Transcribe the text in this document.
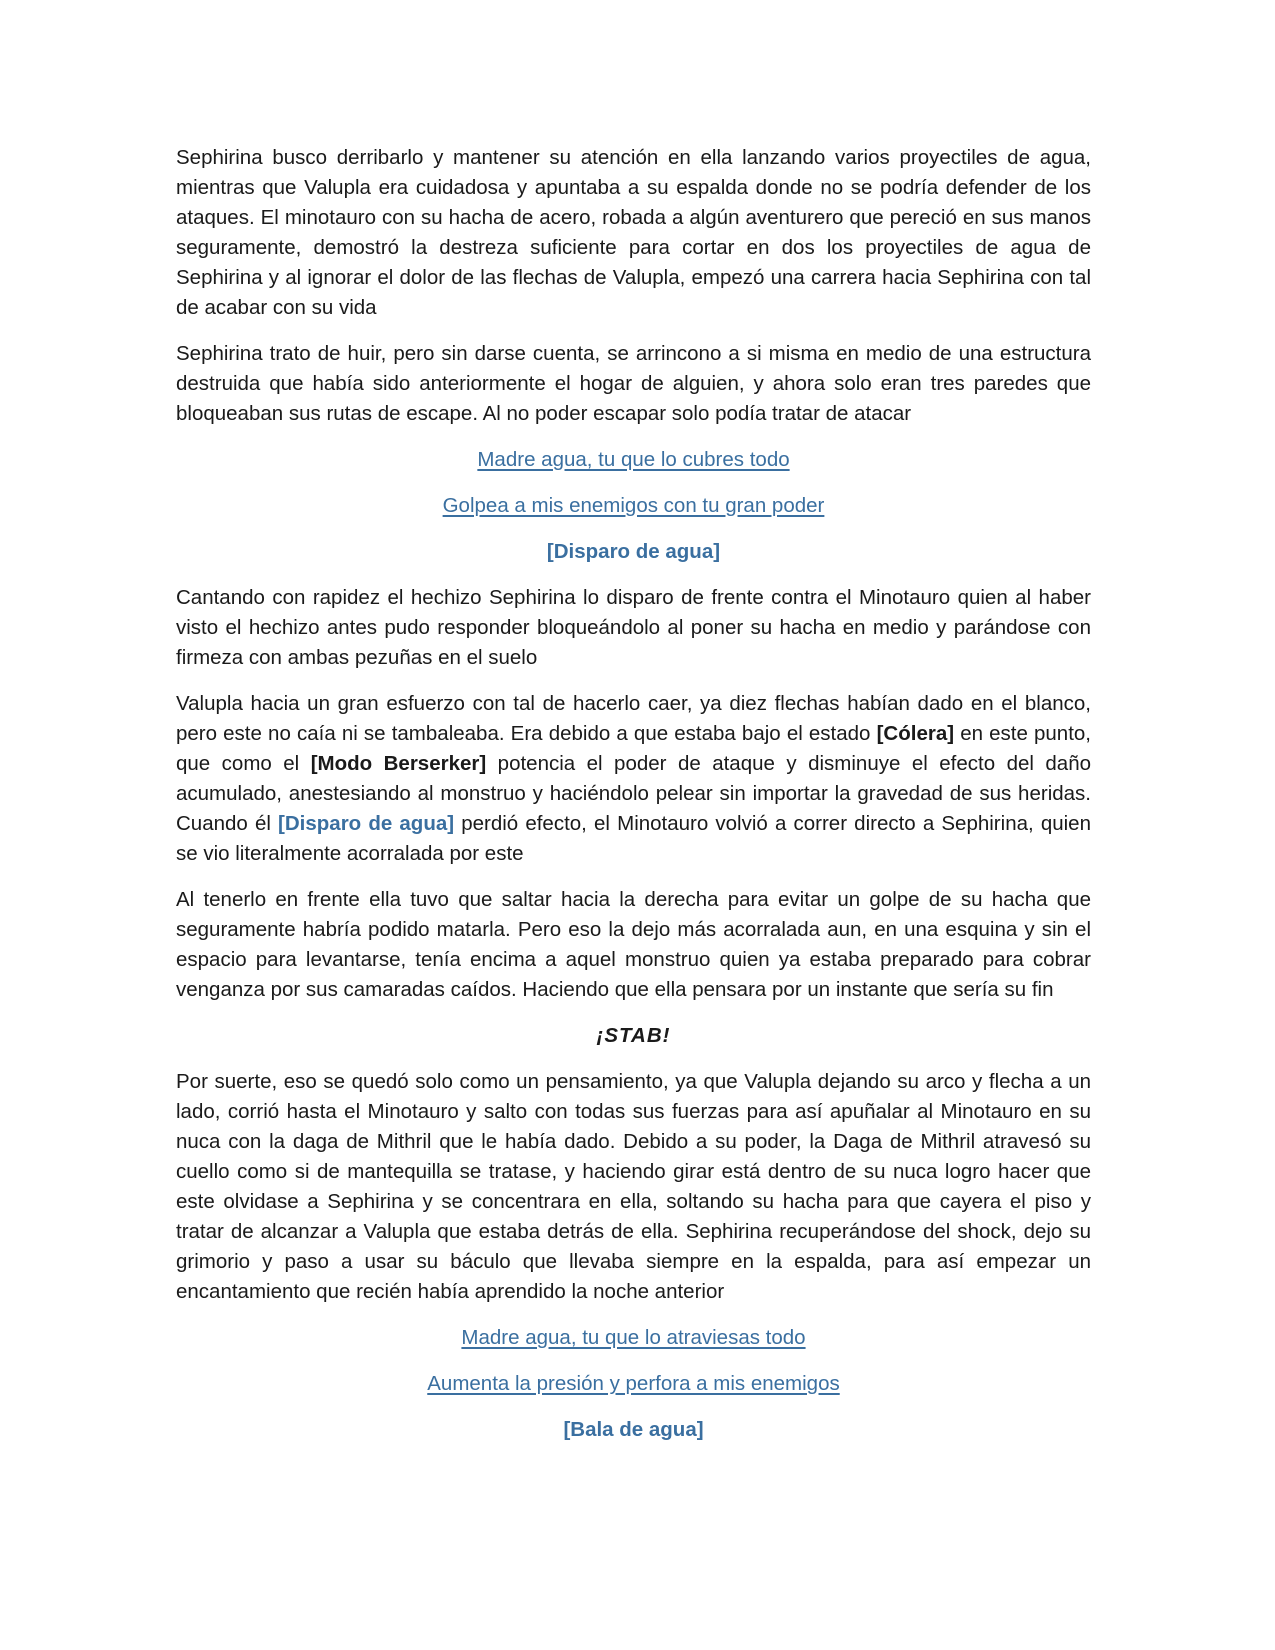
Sephirina busco derribarlo y mantener su atención en ella lanzando varios proyectiles de agua, mientras que Valupla era cuidadosa y apuntaba a su espalda donde no se podría defender de los ataques. El minotauro con su hacha de acero, robada a algún aventurero que pereció en sus manos seguramente, demostró la destreza suficiente para cortar en dos los proyectiles de agua de Sephirina y al ignorar el dolor de las flechas de Valupla, empezó una carrera hacia Sephirina con tal de acabar con su vida

Sephirina trato de huir, pero sin darse cuenta, se arrincono a si misma en medio de una estructura destruida que había sido anteriormente el hogar de alguien, y ahora solo eran tres paredes que bloqueaban sus rutas de escape. Al no poder escapar solo podía tratar de atacar

Madre agua, tu que lo cubres todo

Golpea a mis enemigos con tu gran poder

[Disparo de agua]

Cantando con rapidez el hechizo Sephirina lo disparo de frente contra el Minotauro quien al haber visto el hechizo antes pudo responder bloqueándolo al poner su hacha en medio y parándose con firmeza con ambas pezuñas en el suelo

Valupla hacia un gran esfuerzo con tal de hacerlo caer, ya diez flechas habían dado en el blanco, pero este no caía ni se tambaleaba. Era debido a que estaba bajo el estado [Cólera] en este punto, que como el [Modo Berserker] potencia el poder de ataque y disminuye el efecto del daño acumulado, anestesiando al monstruo y haciéndolo pelear sin importar la gravedad de sus heridas. Cuando él [Disparo de agua] perdió efecto, el Minotauro volvió a correr directo a Sephirina, quien se vio literalmente acorralada por este

Al tenerlo en frente ella tuvo que saltar hacia la derecha para evitar un golpe de su hacha que seguramente habría podido matarla. Pero eso la dejo más acorralada aun, en una esquina y sin el espacio para levantarse, tenía encima a aquel monstruo quien ya estaba preparado para cobrar venganza por sus camaradas caídos. Haciendo que ella pensara por un instante que sería su fin

¡STAB!

Por suerte, eso se quedó solo como un pensamiento, ya que Valupla dejando su arco y flecha a un lado, corrió hasta el Minotauro y salto con todas sus fuerzas para así apuñalar al Minotauro en su nuca con la daga de Mithril que le había dado. Debido a su poder, la Daga de Mithril atravesó su cuello como si de mantequilla se tratase, y haciendo girar está dentro de su nuca logro hacer que este olvidase a Sephirina y se concentrara en ella, soltando su hacha para que cayera el piso y tratar de alcanzar a Valupla que estaba detrás de ella. Sephirina recuperándose del shock, dejo su grimorio y paso a usar su báculo que llevaba siempre en la espalda, para así empezar un encantamiento que recién había aprendido la noche anterior

Madre agua, tu que lo atraviesas todo

Aumenta la presión y perfora a mis enemigos

[Bala de agua]
